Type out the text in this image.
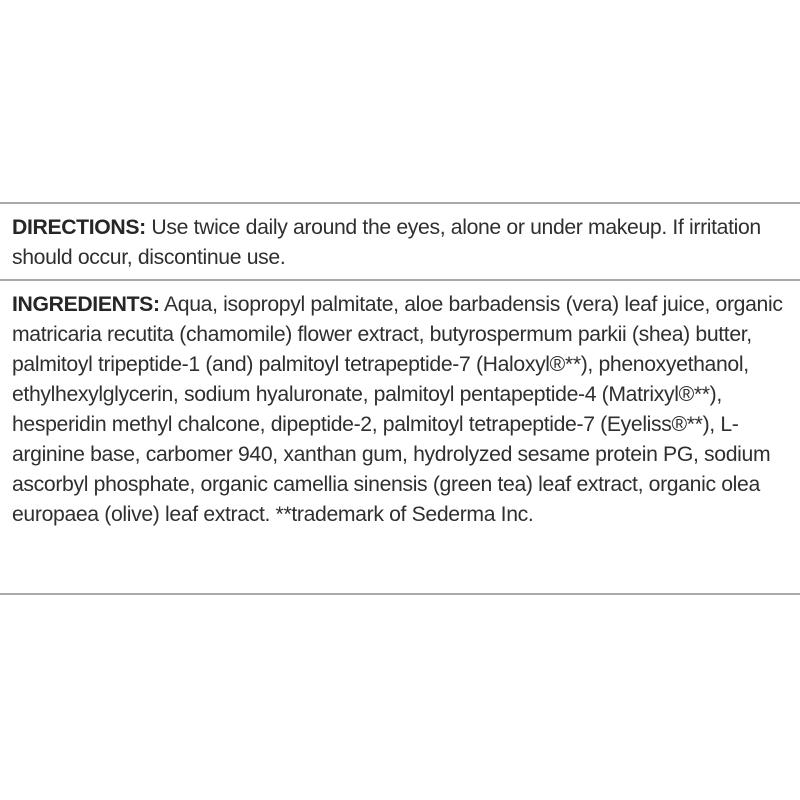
DIRECTIONS: Use twice daily around the eyes, alone or under makeup. If irritation should occur, discontinue use.
INGREDIENTS: Aqua, isopropyl palmitate, aloe barbadensis (vera) leaf juice, organic matricaria recutita (chamomile) flower extract, butyrospermum parkii (shea) butter, palmitoyl tripeptide-1 (and) palmitoyl tetrapeptide-7 (Haloxyl®**), phenoxyethanol, ethylhexylglycerin, sodium hyaluronate, palmitoyl pentapeptide-4 (Matrixyl®**), hesperidin methyl chalcone, dipeptide-2, palmitoyl tetrapeptide-7 (Eyeliss®**), L-arginine base, carbomer 940, xanthan gum, hydrolyzed sesame protein PG, sodium ascorbyl phosphate, organic camellia sinensis (green tea) leaf extract, organic olea europaea (olive) leaf extract. **trademark of Sederma Inc.
